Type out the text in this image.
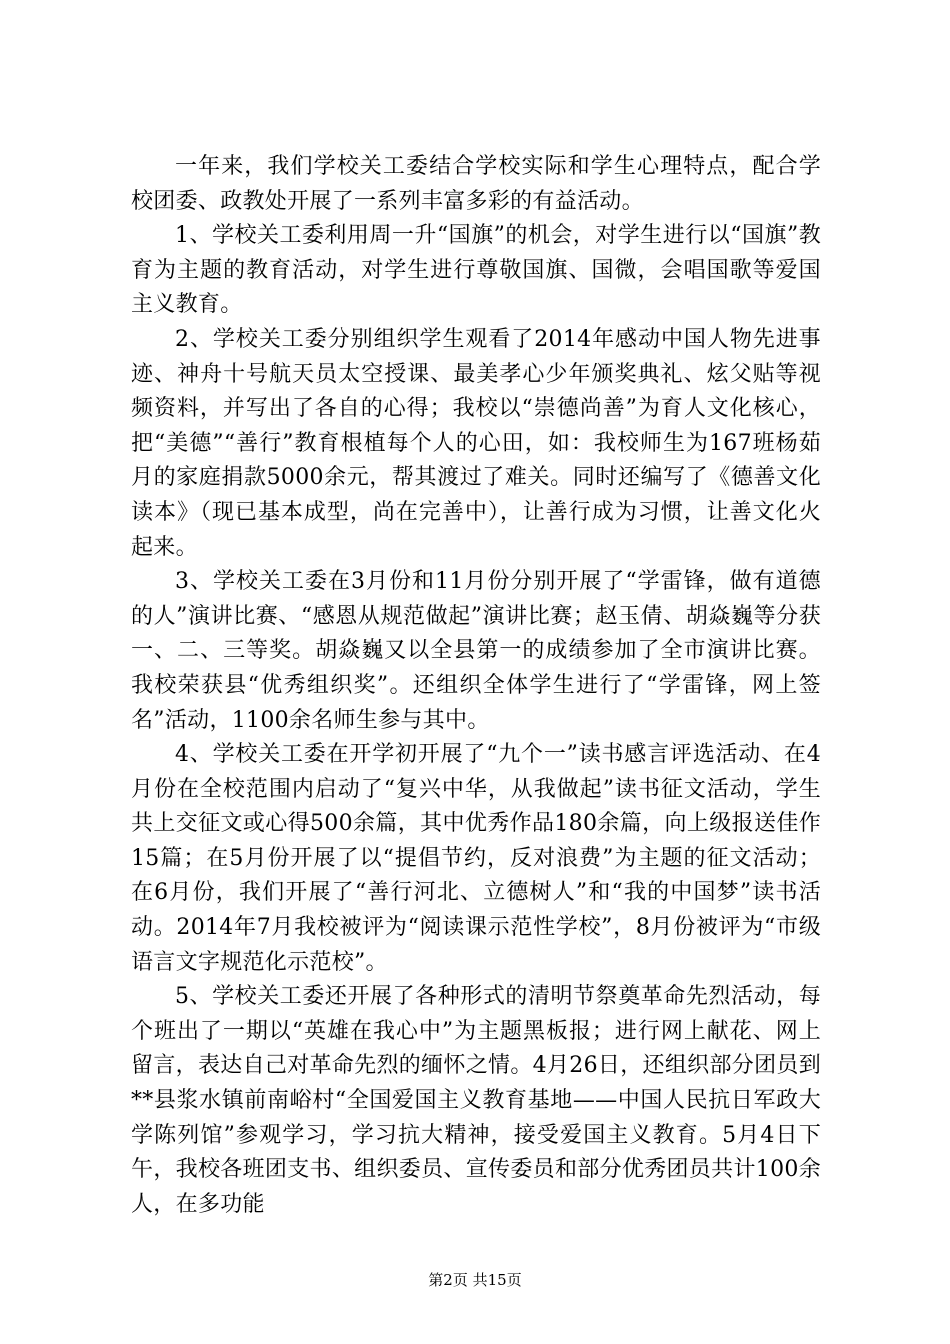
一年来，我们学校关工委结合学校实际和学生心理特点，配合学校团委、政教处开展了一系列丰富多彩的有益活动。

1、学校关工委利用周一升“国旗”的机会，对学生进行以“国旗”教育为主题的教育活动，对学生进行尊敬国旗、国微，会唱国歌等爱国主义教育。

2、学校关工委分别组织学生观看了2014年感动中国人物先进事迹、神舟十号航天员太空授课、最美孝心少年颁奖典礼、炫父贴等视频资料，并写出了各自的心得；我校以“崇德尚善”为育人文化核心，把“美德”“善行”教育根植每个人的心田，如：我校师生为167班杨茹月的家庭捐款5000余元，帮其渡过了难关。同时还编写了《德善文化读本》（现已基本成型，尚在完善中），让善行成为习惯，让善文化火起来。

3、学校关工委在3月份和11月份分别开展了“学雷锋，做有道德的人”演讲比赛、“感恩从规范做起”演讲比赛；赵玉倩、胡焱巍等分获一、二、三等奖。胡焱巍又以全县第一的成绩参加了全市演讲比赛。我校荣获县“优秀组织奖”。还组织全体学生进行了“学雷锋，网上签名”活动，1100余名师生参与其中。

4、学校关工委在开学初开展了“九个一”读书感言评选活动、在4月份在全校范围内启动了“复兴中华，从我做起”读书征文活动，学生共上交征文或心得500余篇，其中优秀作品180余篇，向上级报送佳作15篇；在5月份开展了以“提倡节约，反对浪费”为主题的征文活动；在6月份，我们开展了“善行河北、立德树人”和“我的中国梦”读书活动。2014年7月我校被评为“阅读课示范性学校”，8月份被评为“市级语言文字规范化示范校”。

5、学校关工委还开展了各种形式的清明节祭奠革命先烈活动，每个班出了一期以“英雄在我心中”为主题黑板报；进行网上献花、网上留言，表达自己对革命先烈的缅怀之情。4月26日，还组织部分团员到**县浆水镇前南峪村“全国爱国主义教育基地——中国人民抗日军政大学陈列馆”参观学习，学习抗大精神，接受爱国主义教育。5月4日下午，我校各班团支书、组织委员、宣传委员和部分优秀团员共计100余人，在多功能

第2页 共15页
